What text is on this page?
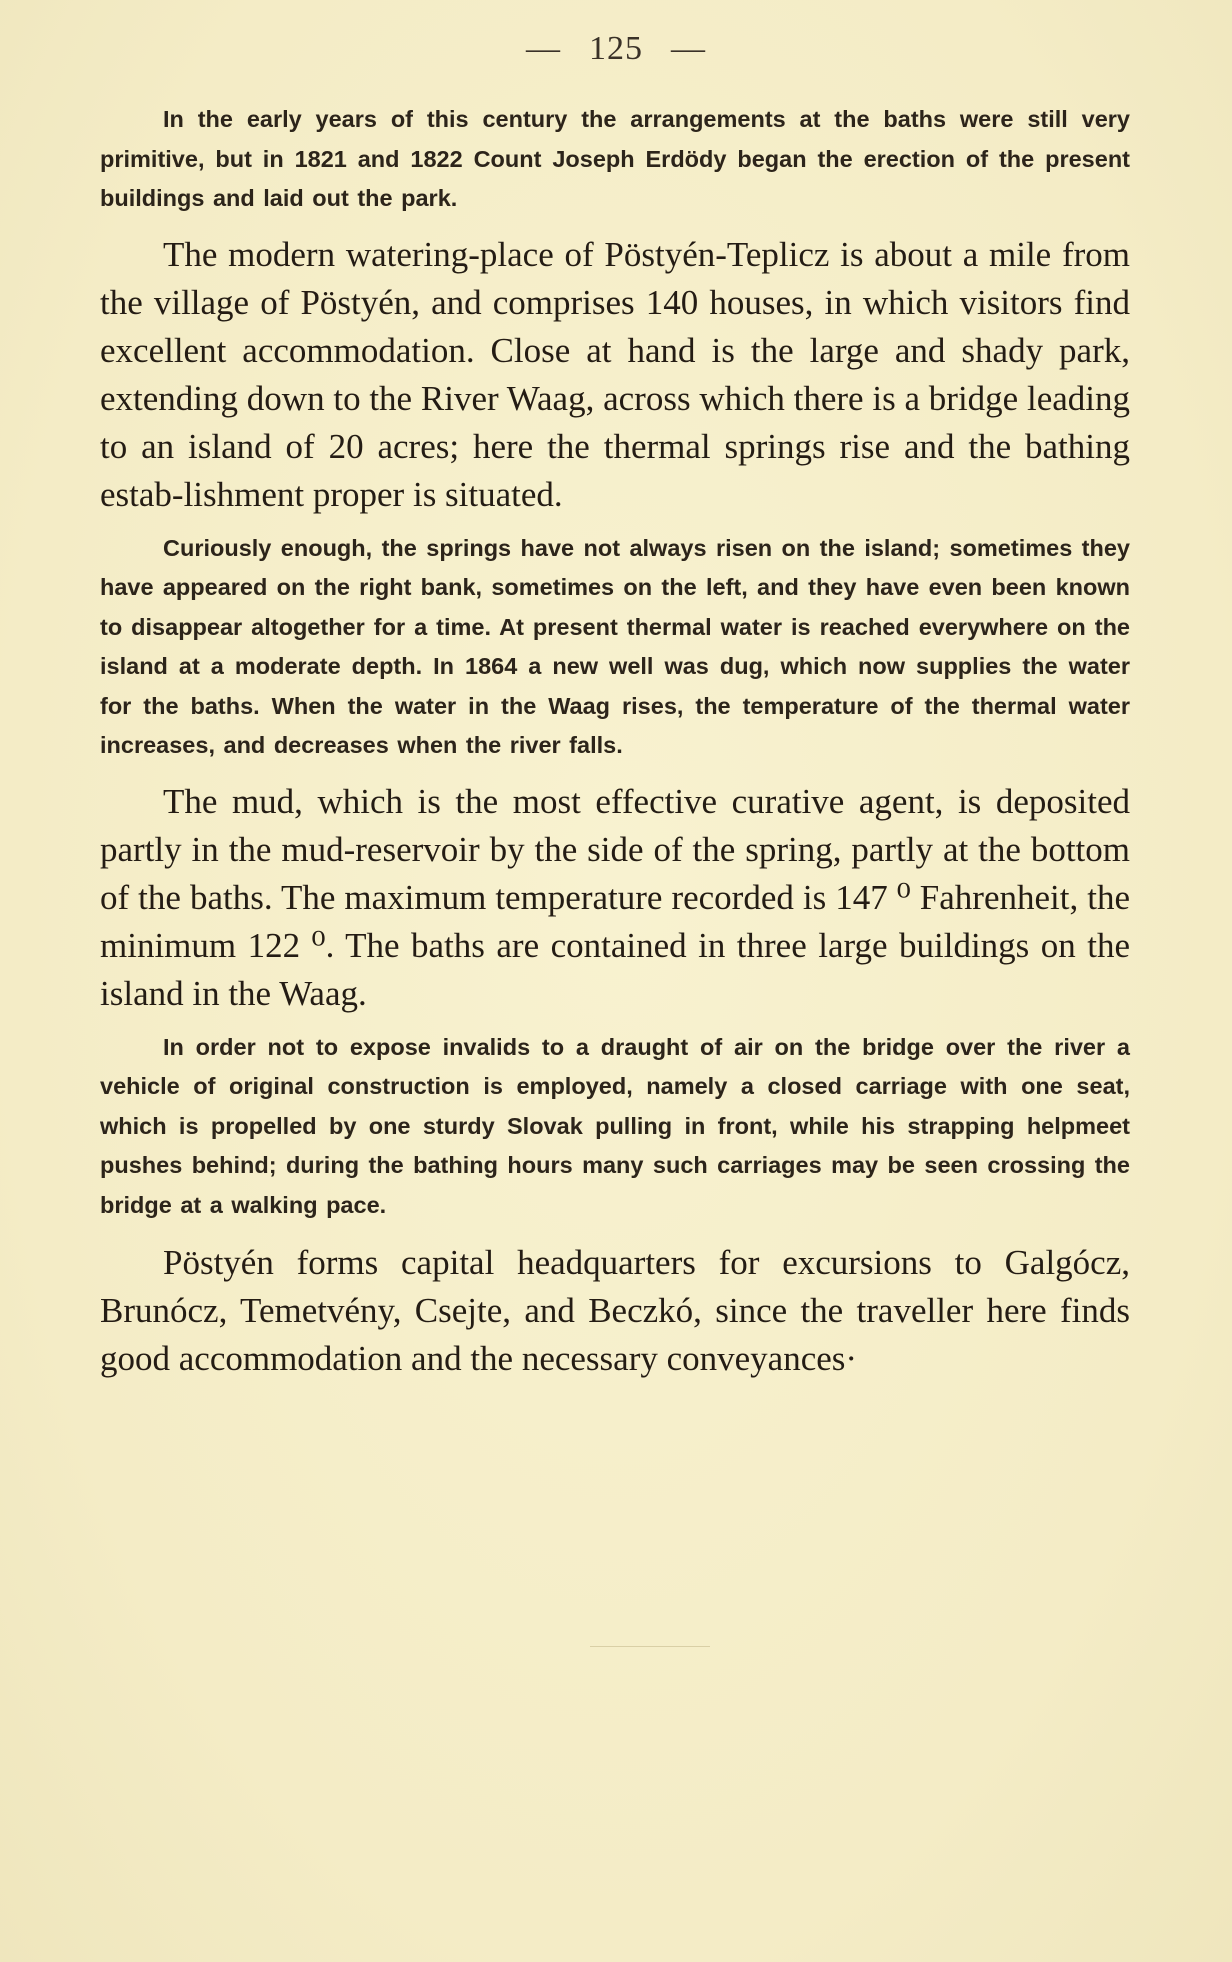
— 125 —

In the early years of this century the arrangements at the baths were still very primitive, but in 1821 and 1822 Count Joseph Erdödy began the erection of the present buildings and laid out the park.

The modern watering-place of Pöstyén-Teplicz is about a mile from the village of Pöstyén, and comprises 140 houses, in which visitors find excellent accommodation. Close at hand is the large and shady park, extending down to the River Waag, across which there is a bridge leading to an island of 20 acres; here the thermal springs rise and the bathing estab-lishment proper is situated.

Curiously enough, the springs have not always risen on the island; sometimes they have appeared on the right bank, sometimes on the left, and they have even been known to disappear altogether for a time. At present thermal water is reached everywhere on the island at a moderate depth. In 1864 a new well was dug, which now supplies the water for the baths. When the water in the Waag rises, the temperature of the thermal water increases, and decreases when the river falls.

The mud, which is the most effective curative agent, is deposited partly in the mud-reservoir by the side of the spring, partly at the bottom of the baths. The maximum temperature recorded is 147 ⁰ Fahrenheit, the minimum 122 ⁰. The baths are contained in three large buildings on the island in the Waag.

In order not to expose invalids to a draught of air on the bridge over the river a vehicle of original construction is employed, namely a closed carriage with one seat, which is propelled by one sturdy Slovak pulling in front, while his strapping helpmeet pushes behind; during the bathing hours many such carriages may be seen crossing the bridge at a walking pace.

Pöstyén forms capital headquarters for excursions to Galgócz, Brunócz, Temetvény, Csejte, and Beczkó, since the traveller here finds good accommodation and the necessary conveyances·
